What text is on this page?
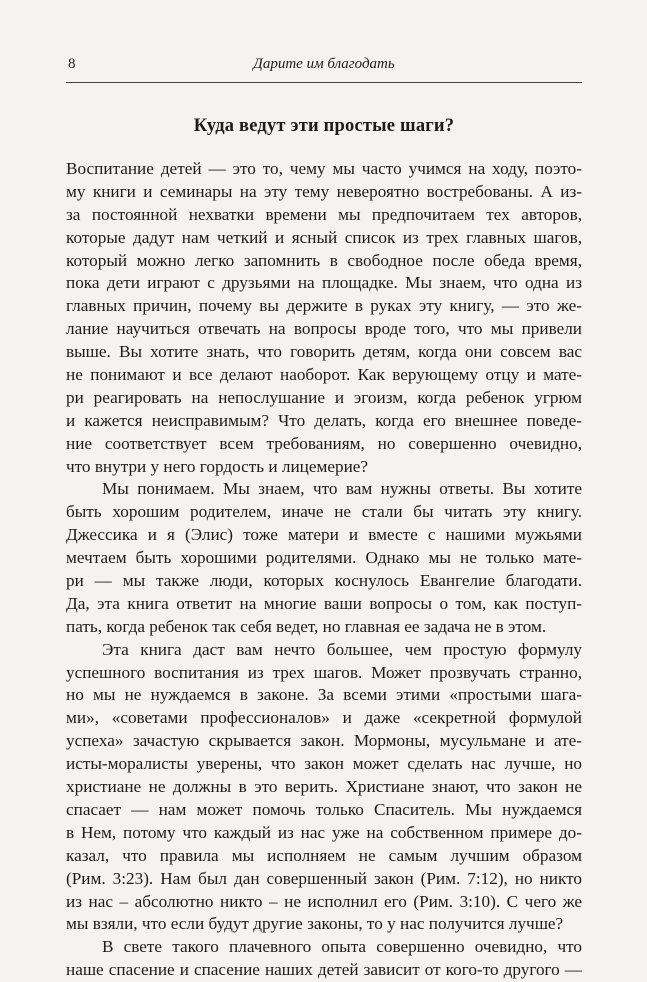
8	Дарите им благодать
Куда ведут эти простые шаги?
Воспитание детей — это то, чему мы часто учимся на ходу, поэто-
му книги и семинары на эту тему невероятно востребованы. А из-
за постоянной нехватки времени мы предпочитаем тех авторов,
которые дадут нам четкий и ясный список из трех главных шагов,
который можно легко запомнить в свободное после обеда время,
пока дети играют с друзьями на площадке. Мы знаем, что одна из
главных причин, почему вы держите в руках эту книгу, — это же-
лание научиться отвечать на вопросы вроде того, что мы привели
выше. Вы хотите знать, что говорить детям, когда они совсем вас
не понимают и все делают наоборот. Как верующему отцу и мате-
ри реагировать на непослушание и эгоизм, когда ребенок угрюм
и кажется неисправимым? Что делать, когда его внешнее поведе-
ние соответствует всем требованиям, но совершенно очевидно,
что внутри у него гордость и лицемерие?
Мы понимаем. Мы знаем, что вам нужны ответы. Вы хотите
быть хорошим родителем, иначе не стали бы читать эту книгу.
Джессика и я (Элис) тоже матери и вместе с нашими мужьями
мечтаем быть хорошими родителями. Однако мы не только мате-
ри — мы также люди, которых коснулось Евангелие благодати.
Да, эта книга ответит на многие ваши вопросы о том, как поступ-
пать, когда ребенок так себя ведет, но главная ее задача не в этом.
Эта книга даст вам нечто большее, чем простую формулу
успешного воспитания из трех шагов. Может прозвучать странно,
но мы не нуждаемся в законе. За всеми этими «простыми шага-
ми», «советами профессионалов» и даже «секретной формулой
успеха» зачастую скрывается закон. Мормоны, мусульмане и ате-
исты-моралисты уверены, что закон может сделать нас лучше, но
христиане не должны в это верить. Христиане знают, что закон не
спасает — нам может помочь только Спаситель. Мы нуждаемся
в Нем, потому что каждый из нас уже на собственном примере до-
казал, что правила мы исполняем не самым лучшим образом
(Рим. 3:23). Нам был дан совершенный закон (Рим. 7:12), но никто
из нас – абсолютно никто – не исполнил его (Рим. 3:10). С чего же
мы взяли, что если будут другие законы, то у нас получится лучше?
В свете такого плачевного опыта совершенно очевидно, что
наше спасение и спасение наших детей зависит от кого-то другого —
